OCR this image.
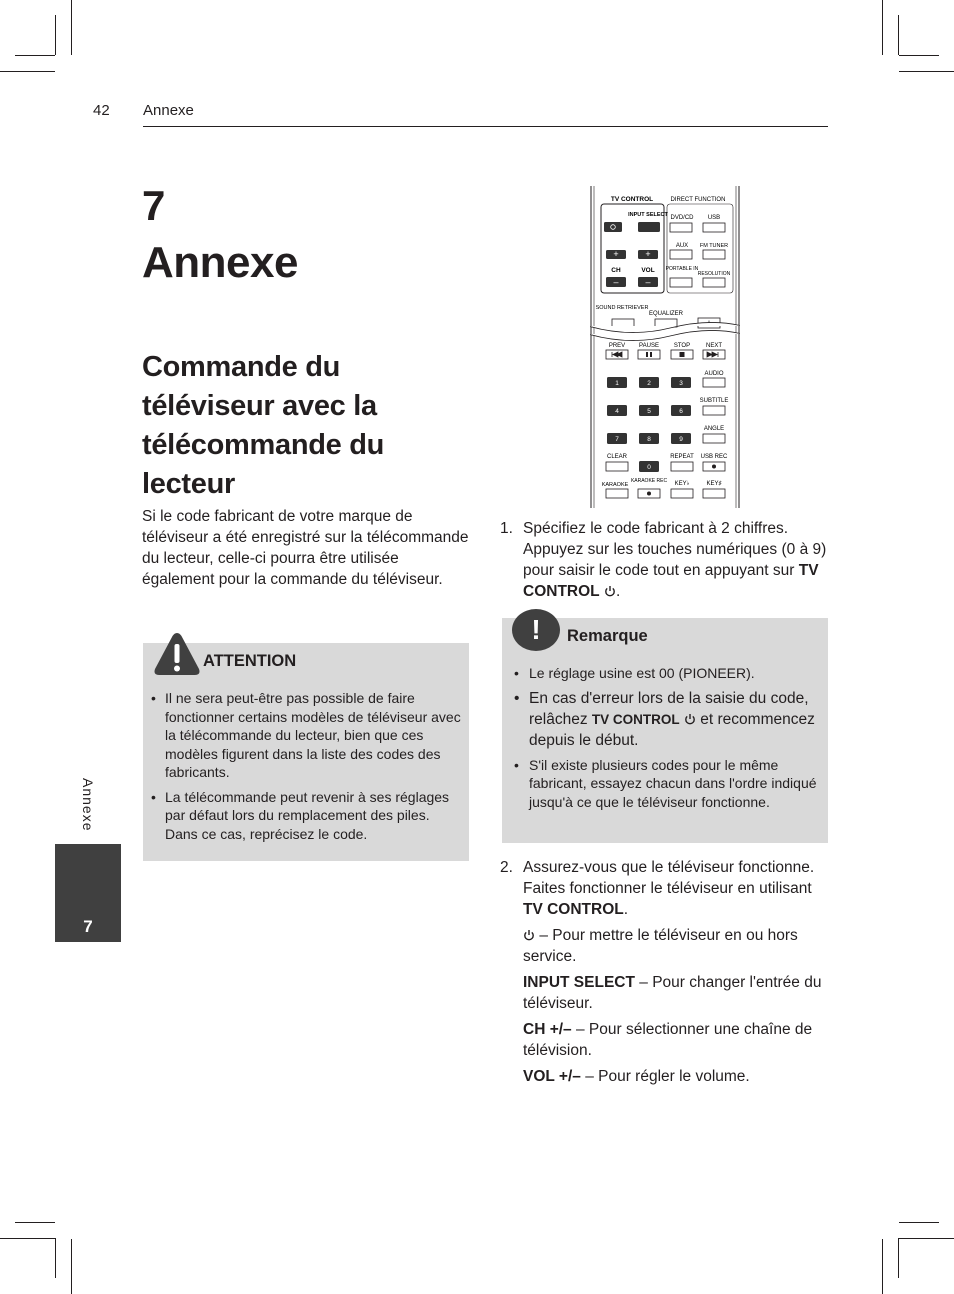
42 Annexe
7
Annexe
Commande du téléviseur avec la télécommande du lecteur
Si le code fabricant de votre marque de téléviseur a été enregistré sur la télécommande du lecteur, celle-ci pourra être utilisée également pour la commande du téléviseur.
ATTENTION
• Il ne sera peut-être pas possible de faire fonctionner certains modèles de téléviseur avec la télécommande du lecteur, bien que ces modèles figurent dans la liste des codes des fabricants.
• La télécommande peut revenir à ses réglages par défaut lors du remplacement des piles. Dans ce cas, reprécisez le code.
Annexe
7
TV CONTROL	DIRECT FUNCTION
INPUT SELECT DVD/CD USB
AUX FM TUNER
+	+
CH	VOL
–	–
PORTABLE IN
RESOLUTION
SOUND RETRIEVER
EQUALIZER
PREV PAUSE STOP	NEXT
AUDIO
SUBTITLE
ANGLE
1	2	3
4	5	6
7	8	9
0
CLEAR	REPEAT USB REC
KARAOKE
KARAOKE REC KEY♭	KEY♯
1. Spécifiez le code fabricant à 2 chiffres. Appuyez sur les touches numériques (0 à 9) pour saisir le code tout en appuyant sur TV CONTROL .
!	Remarque
• Le réglage usine est 00 (PIONEER).
• En cas d'erreur lors de la saisie du code, relâchez TV CONTROL et recommencez depuis le début.
• S'il existe plusieurs codes pour le même fabricant, essayez chacun dans l'ordre indiqué jusqu'à ce que le téléviseur fonctionne.
2. Assurez-vous que le téléviseur fonctionne.
Faites fonctionner le téléviseur en utilisant TV CONTROL.
– Pour mettre le téléviseur en ou hors service.
INPUT SELECT – Pour changer l'entrée du téléviseur.
CH +/– – Pour sélectionner une chaîne de télévision.
VOL +/– – Pour régler le volume.
